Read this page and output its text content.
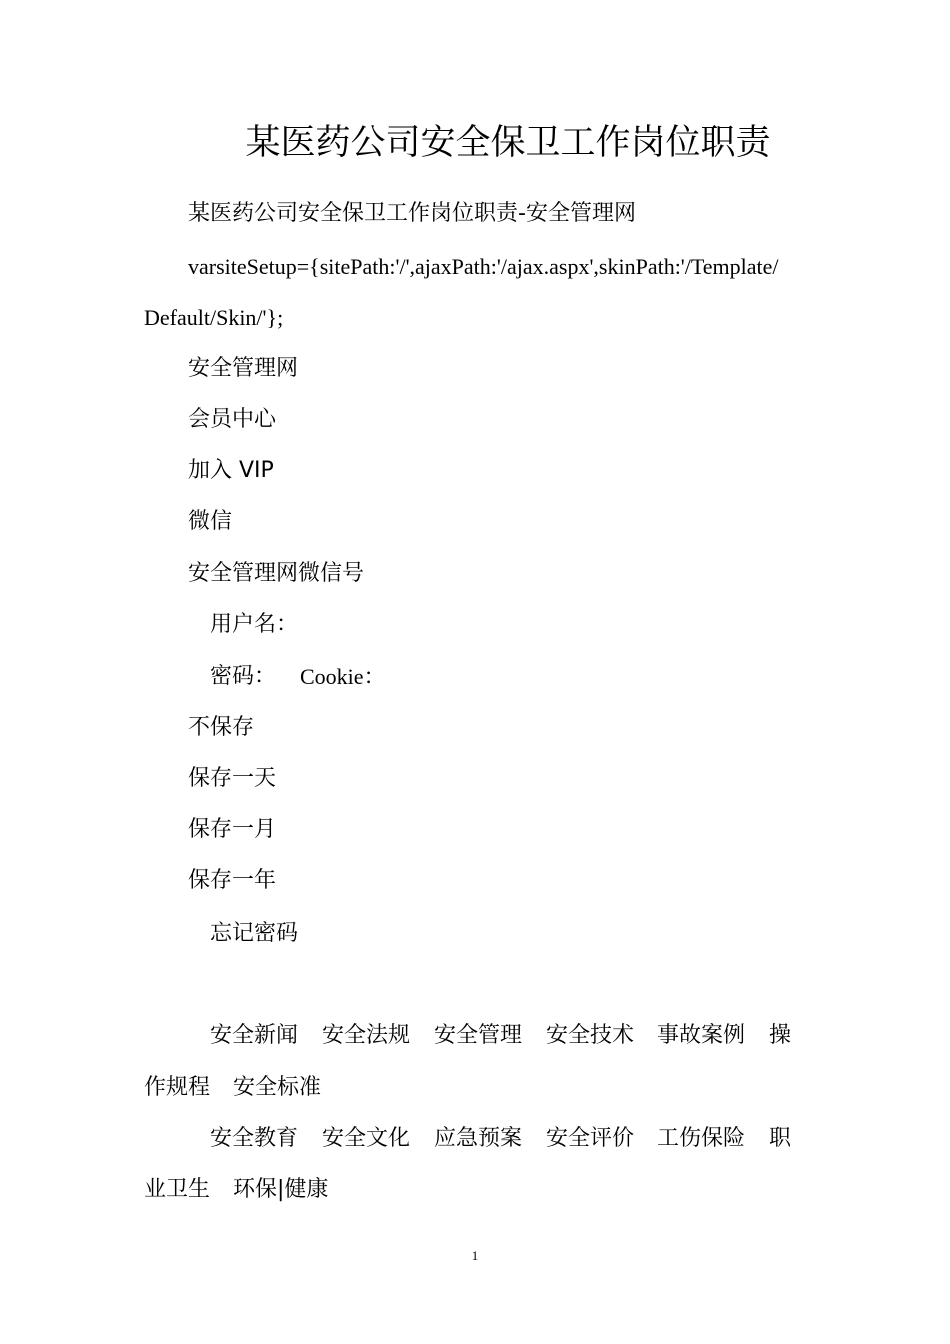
某医药公司安全保卫工作岗位职责
某医药公司安全保卫工作岗位职责-安全管理网
varsiteSetup={sitePath:'/',ajaxPath:'/ajax.aspx',skinPath:'/Template/
Default/Skin/'};
安全管理网
会员中心
加入 VIP
微信
安全管理网微信号
用户名：
密码： Cookie：
不保存
保存一天
保存一月
保存一年
忘记密码
安全新闻 安全法规 安全管理 安全技术 事故案例 操
作规程 安全标准
安全教育 安全文化 应急预案 安全评价 工伤保险 职
业卫生 环保|健康
1
